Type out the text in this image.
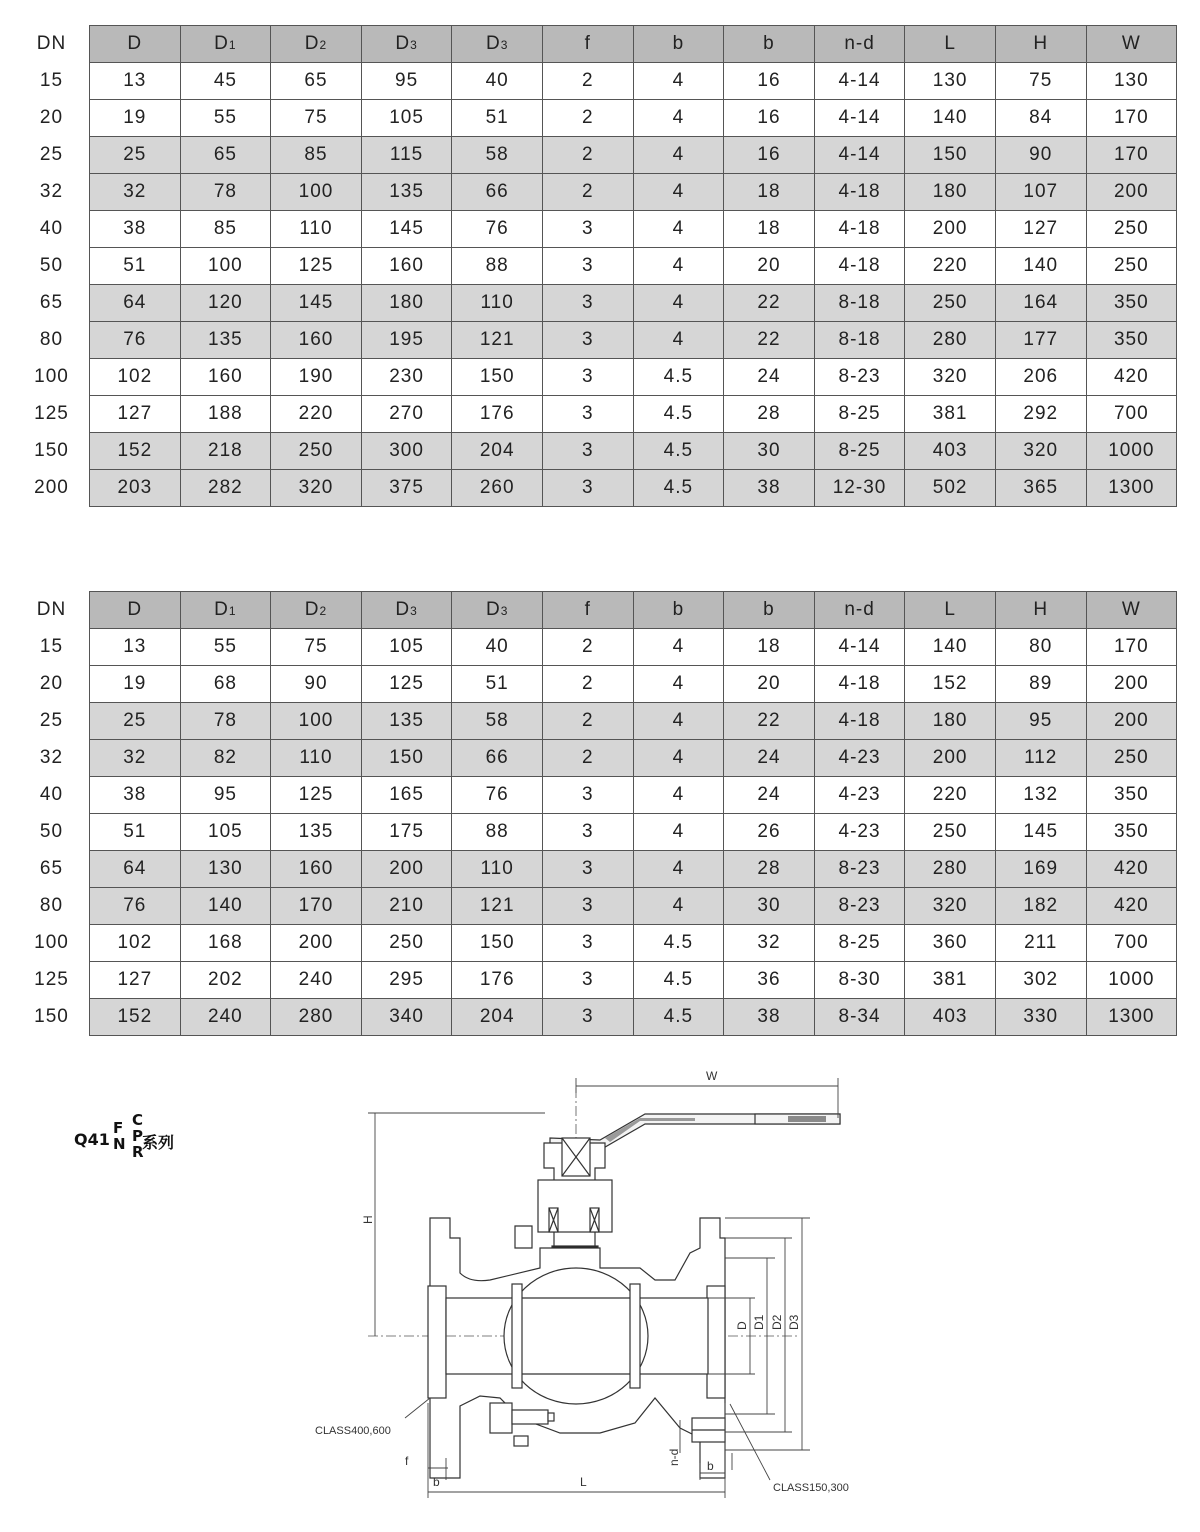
DN	D	D1	D2	D3	D3	f	b	b	n-d	L	H	W
15	13	45	65	95	40	2	4	16	4-14	130	75	130
20	19	55	75	105	51	2	4	16	4-14	140	84	170
25	25	65	85	115	58	2	4	16	4-14	150	90	170
32	32	78	100	135	66	2	4	18	4-18	180	107	200
40	38	85	110	145	76	3	4	18	4-18	200	127	250
50	51	100	125	160	88	3	4	20	4-18	220	140	250
65	64	120	145	180	110	3	4	22	8-18	250	164	350
80	76	135	160	195	121	3	4	22	8-18	280	177	350
100	102	160	190	230	150	3	4.5	24	8-23	320	206	420
125	127	188	220	270	176	3	4.5	28	8-25	381	292	700
150	152	218	250	300	204	3	4.5	30	8-25	403	320	1000
200	203	282	320	375	260	3	4.5	38	12-30	502	365	1300
DN	D	D1	D2	D3	D3	f	b	b	n-d	L	H	W
15	13	55	75	105	40	2	4	18	4-14	140	80	170
20	19	68	90	125	51	2	4	20	4-18	152	89	200
25	25	78	100	135	58	2	4	22	4-18	180	95	200
32	32	82	110	150	66	2	4	24	4-23	200	112	250
40	38	95	125	165	76	3	4	24	4-23	220	132	350
50	51	105	135	175	88	3	4	26	4-23	250	145	350
65	64	130	160	200	110	3	4	28	8-23	280	169	420
80	76	140	170	210	121	3	4	30	8-23	320	182	420
100	102	168	200	250	150	3	4.5	32	8-25	360	211	700
125	127	202	240	295	176	3	4.5	36	8-30	381	302	1000
150	152	240	280	340	204	3	4.5	38	8-34	403	330	1300
Q41
F
N
C
P
R
系列
W
H
D D1 D2 D3
L
f
b
b
n-d
CLASS400,600
CLASS150,300
